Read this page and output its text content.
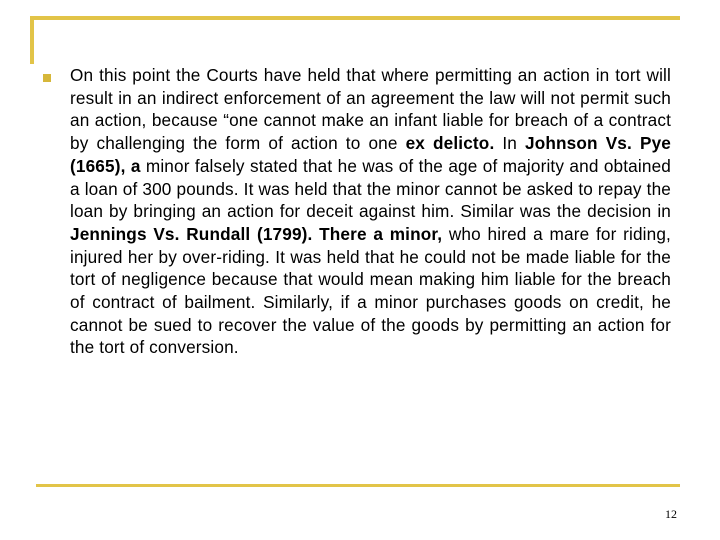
On this point the Courts have held that where permitting an action in tort will result in an indirect enforcement of an agreement the law will not permit such an action, because “one cannot make an infant liable for breach of a contract by challenging the form of action to one ex delicto. In Johnson Vs. Pye (1665), a minor falsely stated that he was of the age of majority and obtained a loan of 300 pounds. It was held that the minor cannot be asked to repay the loan by bringing an action for deceit against him. Similar was the decision in Jennings Vs. Rundall (1799). There a minor, who hired a mare for riding, injured her by over-riding. It was held that he could not be made liable for the tort of negligence because that would mean making him liable for the breach of contract of bailment. Similarly, if a minor purchases goods on credit, he cannot be sued to recover the value of the goods by permitting an action for the tort of conversion.

12
